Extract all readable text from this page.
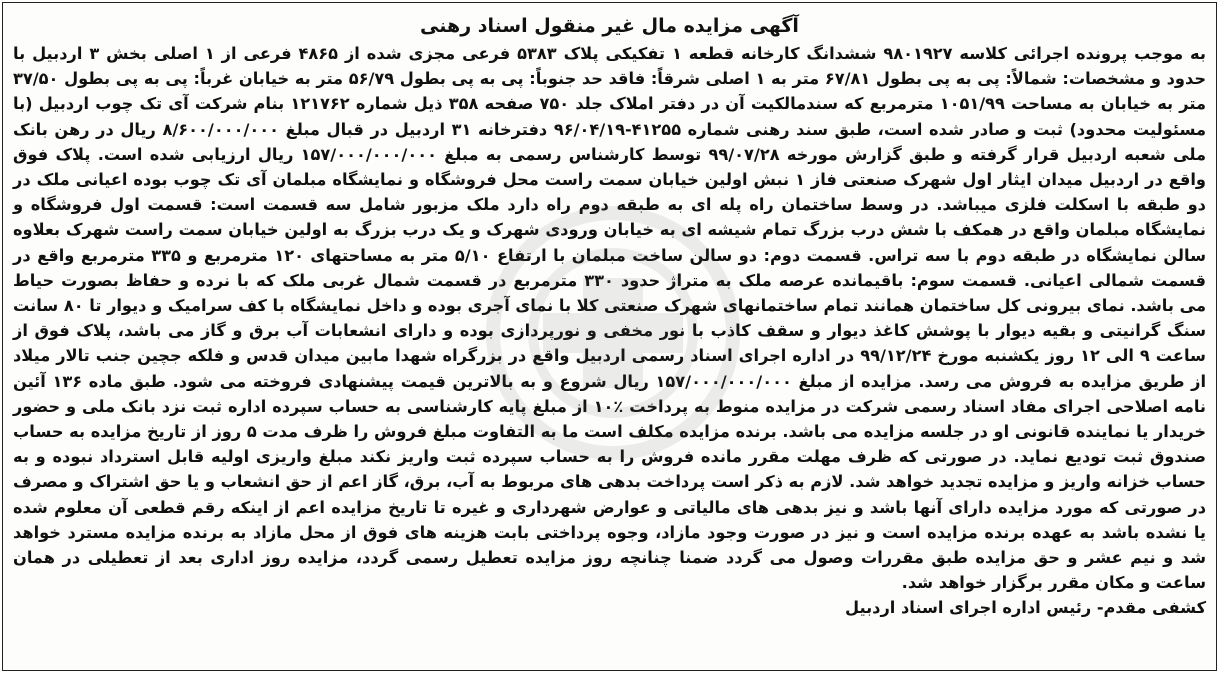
آگهی مزایده مال غیر منقول اسناد رهنی

به موجب پرونده اجرائی کلاسه ۹۸۰۱۹۲۷ ششدانگ کارخانه قطعه ۱ تفکیکی پلاک ۵۳۸۳ فرعی مجزی شده از ۴۸۶۵ فرعی از ۱ اصلی بخش ۳ اردبیل با حدود و مشخصات: شمالاً: پی به پی بطول ۶۷/۸۱ متر به ۱ اصلی شرقاً: فاقد حد جنوباً: پی به پی بطول ۵۶/۷۹ متر به خیابان غرباً: پی به پی بطول ۳۷/۵۰ متر به خیابان به مساحت ۱۰۵۱/۹۹ مترمربع که سندمالکیت آن در دفتر املاک جلد ۷۵۰ صفحه ۳۵۸ ذیل شماره ۱۲۱۷۶۲ بنام شرکت آی تک چوب اردبیل (با مسئولیت محدود) ثبت و صادر شده است، طبق سند رهنی شماره ۴۱۲۵۵-۹۶/۰۴/۱۹ دفترخانه ۳۱ اردبیل در قبال مبلغ ۸/۶۰۰/۰۰۰/۰۰۰ ریال در رهن بانک ملی شعبه اردبیل قرار گرفته و طبق گزارش مورخه ۹۹/۰۷/۲۸ توسط کارشناس رسمی به مبلغ ۱۵۷/۰۰۰/۰۰۰/۰۰۰ ریال ارزیابی شده است. پلاک فوق واقع در اردبیل میدان ایثار اول شهرک صنعتی فاز ۱ نبش اولین خیابان سمت راست محل فروشگاه و نمایشگاه مبلمان آی تک چوب بوده اعیانی ملک در دو طبقه با اسکلت فلزی میباشد. در وسط ساختمان راه پله ای به طبقه دوم راه دارد ملک مزبور شامل سه قسمت است: قسمت اول فروشگاه و نمایشگاه مبلمان واقع در همکف با شش درب بزرگ تمام شیشه ای به خیابان ورودی شهرک و یک درب بزرگ به اولین خیابان سمت راست شهرک بعلاوه سالن نمایشگاه در طبقه دوم با سه تراس. قسمت دوم: دو سالن ساخت مبلمان با ارتفاع ۵/۱۰ متر به مساحتهای ۱۲۰ مترمربع و ۳۳۵ مترمربع واقع در قسمت شمالی اعیانی. قسمت سوم: باقیمانده عرصه ملک به متراژ حدود ۳۳۰ مترمربع در قسمت شمال غربی ملک که با نرده و حفاظ بصورت حیاط می باشد. نمای بیرونی کل ساختمان همانند تمام ساختمانهای شهرک صنعتی کلا با نمای آجری بوده و داخل نمایشگاه با کف سرامیک و دیوار تا ۸۰ سانت سنگ گرانیتی و بقیه دیوار با پوشش کاغذ دیوار و سقف کاذب با نور مخفی و نورپردازی بوده و دارای انشعابات آب برق و گاز می باشد، پلاک فوق از ساعت ۹ الی ۱۲ روز یکشنبه مورخ ۹۹/۱۲/۲۴ در اداره اجرای اسناد رسمی اردبیل واقع در بزرگراه شهدا مابین میدان قدس و فلکه جچین جنب تالار میلاد از طریق مزایده به فروش می رسد. مزایده از مبلغ ۱۵۷/۰۰۰/۰۰۰/۰۰۰ ریال شروع و به بالاترین قیمت پیشنهادی فروخته می شود. طبق ماده ۱۳۶ آئین نامه اصلاحی اجرای مفاد اسناد رسمی شرکت در مزایده منوط به پرداخت ٪۱۰ از مبلغ پایه کارشناسی به حساب سپرده اداره ثبت نزد بانک ملی و حضور خریدار یا نماینده قانونی او در جلسه مزایده می باشد. برنده مزایده مکلف است ما به التفاوت مبلغ فروش را ظرف مدت ۵ روز از تاریخ مزایده به حساب صندوق ثبت تودیع نماید. در صورتی که ظرف مهلت مقرر مانده فروش را به حساب سپرده ثبت واریز نکند مبلغ واریزی اولیه قابل استرداد نبوده و به حساب خزانه واریز و مزایده تجدید خواهد شد. لازم به ذکر است پرداخت بدهی های مربوط به آب، برق، گاز اعم از حق انشعاب و یا حق اشتراک و مصرف در صورتی که مورد مزایده دارای آنها باشد و نیز بدهی های مالیاتی و عوارض شهرداری و غیره تا تاریخ مزایده اعم از اینکه رقم قطعی آن معلوم شده یا نشده باشد به عهده برنده مزایده است و نیز در صورت وجود مازاد، وجوه پرداختی بابت هزینه های فوق از محل مازاد به برنده مزایده مسترد خواهد شد و نیم عشر و حق مزایده طبق مقررات وصول می گردد ضمنا چنانچه روز مزایده تعطیل رسمی گردد، مزایده روز اداری بعد از تعطیلی در همان ساعت و مکان مقرر برگزار خواهد شد.

کشفی مقدم- رئیس اداره اجرای اسناد اردبیل
